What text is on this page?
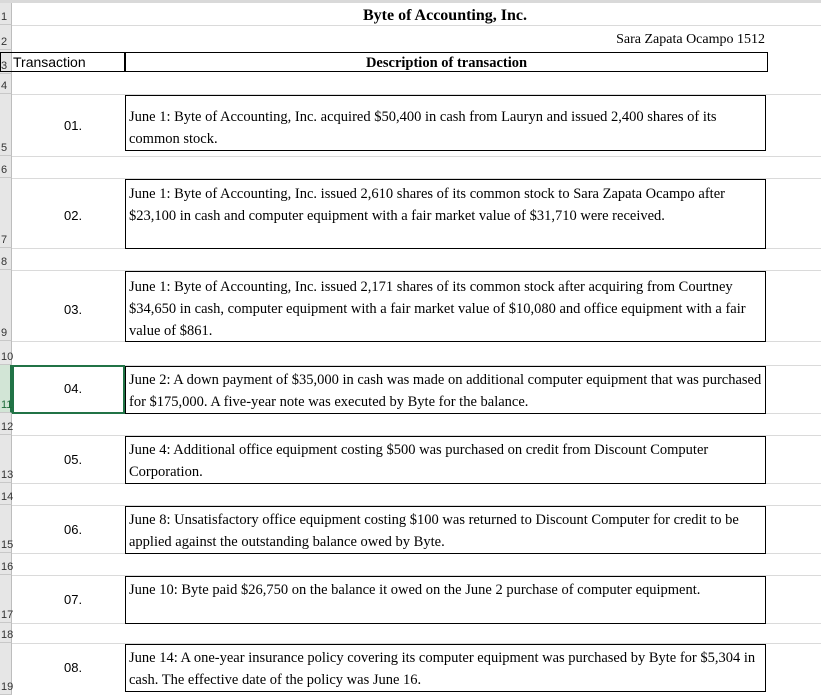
1
2
3
4
5
6
7
8
9
10
11
12
13
14
15
16
17
18
19
Byte of Accounting, Inc.
Sara Zapata Ocampo 1512
Transaction	Description of transaction
01.
June 1: Byte of Accounting, Inc. acquired $50,400 in cash from Lauryn and issued 2,400 shares of its common stock.
02.
June 1: Byte of Accounting, Inc. issued 2,610 shares of its common stock to Sara Zapata Ocampo after $23,100 in cash and computer equipment with a fair market value of $31,710 were received.
03.
June 1: Byte of Accounting, Inc. issued 2,171 shares of its common stock after acquiring from Courtney $34,650 in cash, computer equipment with a fair market value of $10,080 and office equipment with a fair value of $861.
04.
June 2: A down payment of $35,000 in cash was made on additional computer equipment that was purchased for $175,000. A five-year note was executed by Byte for the balance.
05.
June 4: Additional office equipment costing $500 was purchased on credit from Discount Computer Corporation.
06.
June 8: Unsatisfactory office equipment costing $100 was returned to Discount Computer for credit to be applied against the outstanding balance owed by Byte.
07.
June 10: Byte paid $26,750 on the balance it owed on the June 2 purchase of computer equipment.
08.
June 14: A one-year insurance policy covering its computer equipment was purchased by Byte for $5,304 in cash. The effective date of the policy was June 16.
